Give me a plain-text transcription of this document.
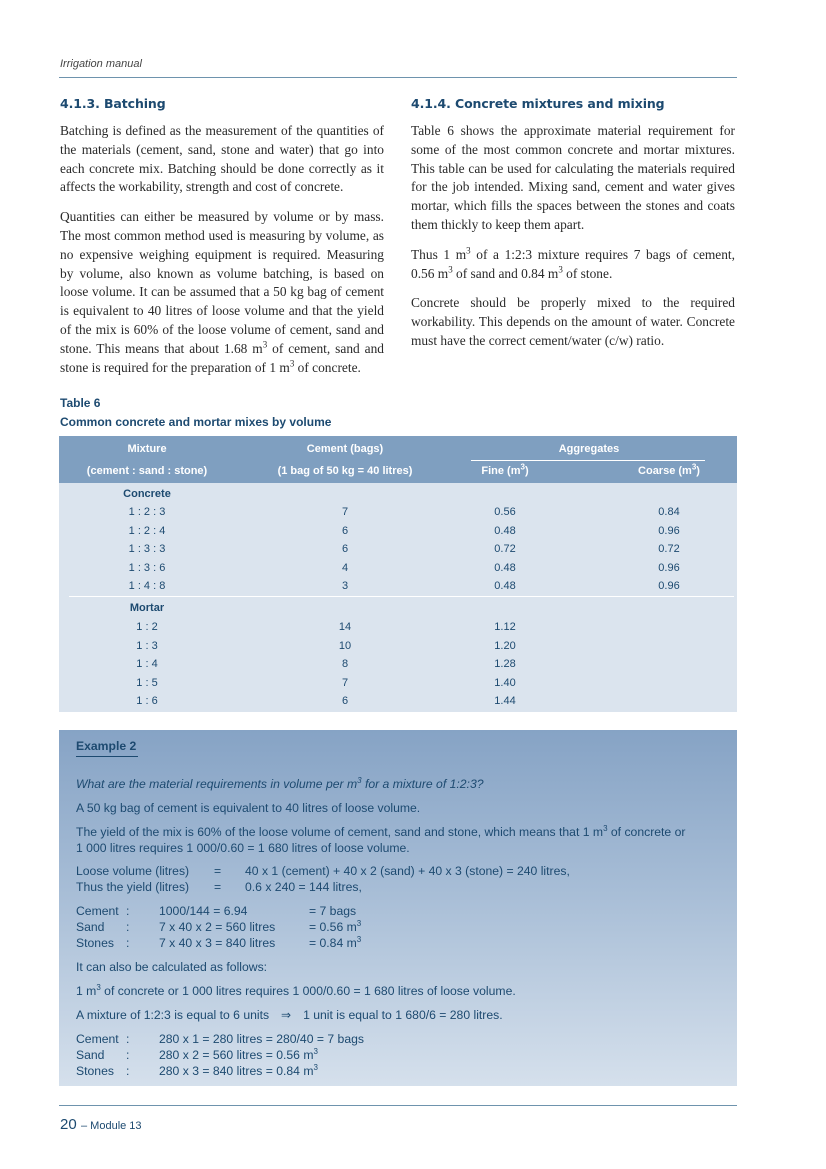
Irrigation manual
4.1.3. Batching

Batching is defined as the measurement of the quantities of the materials (cement, sand, stone and water) that go into each concrete mix. Batching should be done correctly as it affects the workability, strength and cost of concrete.

Quantities can either be measured by volume or by mass. The most common method used is measuring by volume, as no expensive weighing equipment is required. Measuring by volume, also known as volume batching, is based on loose volume. It can be assumed that a 50 kg bag of cement is equivalent to 40 litres of loose volume and that the yield of the mix is 60% of the loose volume of cement, sand and stone. This means that about 1.68 $m^3$ of cement, sand and stone is required for the preparation of 1 $m^3$ of concrete.

4.1.4. Concrete mixtures and mixing

Table 6 shows the approximate material requirement for some of the most common concrete and mortar mixtures. This table can be used for calculating the materials required for the job intended. Mixing sand, cement and water gives mortar, which fills the spaces between the stones and coats them thickly to keep them apart.

Thus 1 $m^3$ of a 1:2:3 mixture requires 7 bags of cement, 0.56 $m^3$ of sand and 0.84 $m^3$ of stone.

Concrete should be properly mixed to the required workability. This depends on the amount of water. Concrete must have the correct cement/water (c/w) ratio.

Table 6
Common concrete and mortar mixes by volume
Mixture
(cement : sand : stone)
Cement (bags)
(1 bag of 50 kg = 40 litres)
Aggregates
Fine $(m^3)$	Coarse $(m^3)$
Concrete
1 : 2 : 3	7	0.56	0.84
1 : 2 : 4	6	0.48	0.96
1 : 3 : 3	6	0.72	0.72
1 : 3 : 6	4	0.48	0.96
1 : 4 : 8	3	0.48	0.96
Mortar
1 : 2	14	1.12
1 : 3	10	1.20
1 : 4	8	1.28
1 : 5	7	1.40
1 : 6	6	1.44
Example 2
What are the material requirements in volume per $m^3$ for a mixture of 1:2:3?
A 50 kg bag of cement is equivalent to 40 litres of loose volume.
The yield of the mix is 60% of the loose volume of cement, sand and stone, which means that 1 $m^3$ of concrete or
1 000 litres requires 1 000/0.60 = 1 680 litres of loose volume.
Loose volume (litres) = 40 x 1 (cement) + 40 x 2 (sand) + 40 x 3 (stone) = 240 litres,
Thus the yield (litres) = 0.6 x 240 = 144 litres,
Cement : 1000/144 = 6.94	= 7 bags
Sand : 7 x 40 x 2 = 560 litres	= 0.56 $m^3$
Stones : 7 x 40 x 3 = 840 litres	= 0.84 $m^3$
It can also be calculated as follows:
1 $m^3$ of concrete or 1 000 litres requires 1 000/0.60 = 1 680 litres of loose volume.
A mixture of 1:2:3 is equal to 6 units ⇒ 1 unit is equal to 1 680/6 = 280 litres.
Cement : 280 x 1 = 280 litres = 280/40 = 7 bags
Sand : 280 x 2 = 560 litres = 0.56 $m^3$
Stones : 280 x 3 = 840 litres = 0.84 $m^3$
20 – Module 13
